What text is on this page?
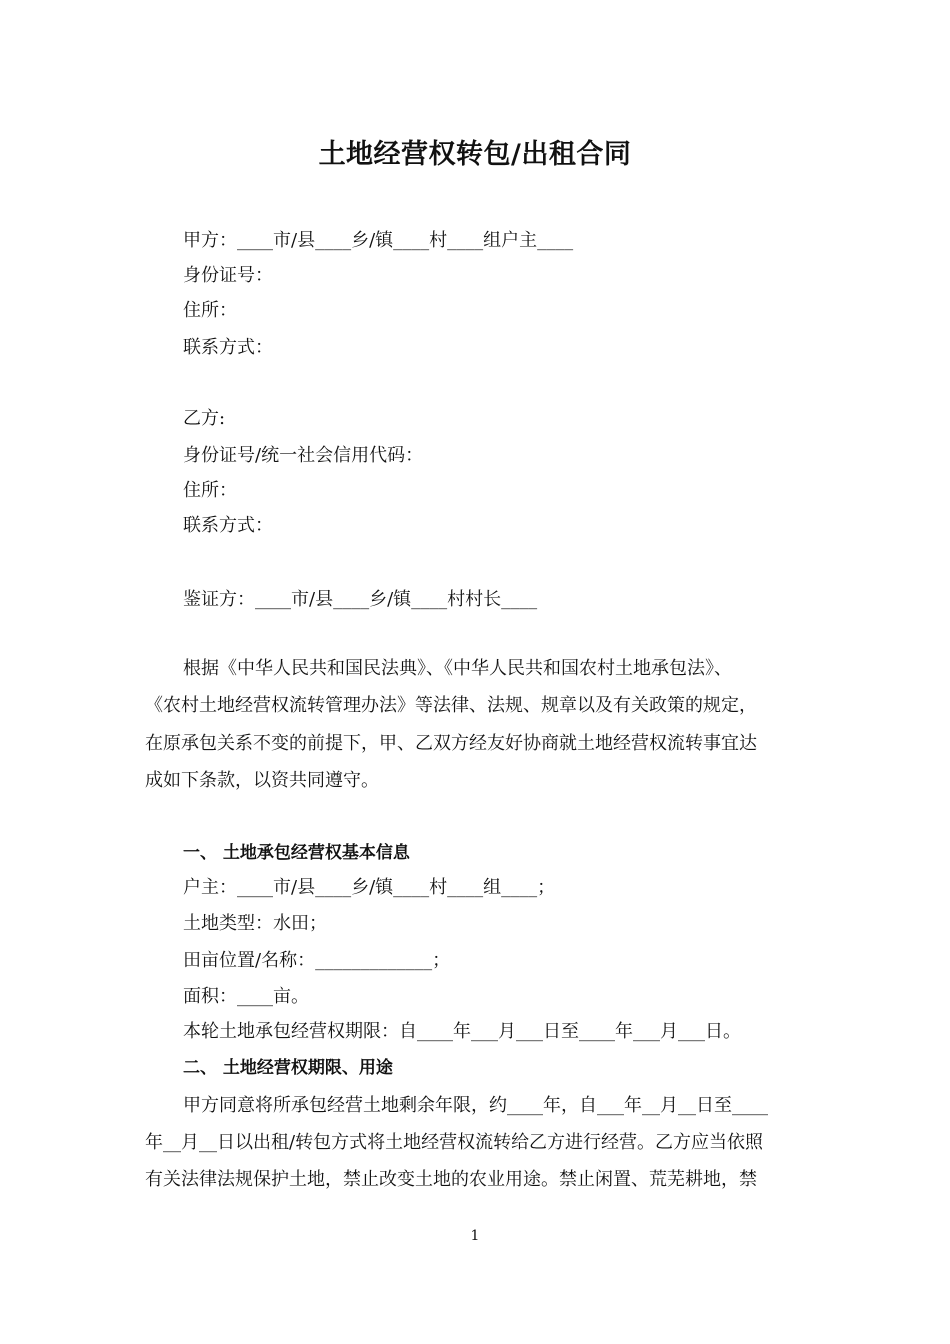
土地经营权转包/出租合同
甲方：____市/县____乡/镇____村____组户主____
身份证号：
住所：
联系方式：
乙方:
身份证号/统一社会信用代码：
住所：
联系方式：
鉴证方：____市/县____乡/镇____村村长____
根据《中华人民共和国民法典》、《中华人民共和国农村土地承包法》、
《农村土地经营权流转管理办法》等法律、法规、规章以及有关政策的规定，
在原承包关系不变的前提下，甲、乙双方经友好协商就土地经营权流转事宜达
成如下条款，以资共同遵守。
一、 土地承包经营权基本信息
户主：____市/县____乡/镇____村____组____；
土地类型：水田；
田亩位置/名称：_____________；
面积：____亩。
本轮土地承包经营权期限：自____年___月___日至____年___月___日。
二、 土地经营权期限、用途
甲方同意将所承包经营土地剩余年限，约____年，自___年__月__日至____
年__月__日以出租/转包方式将土地经营权流转给乙方进行经营。乙方应当依照
有关法律法规保护土地，禁止改变土地的农业用途。禁止闲置、荒芜耕地，禁
1
